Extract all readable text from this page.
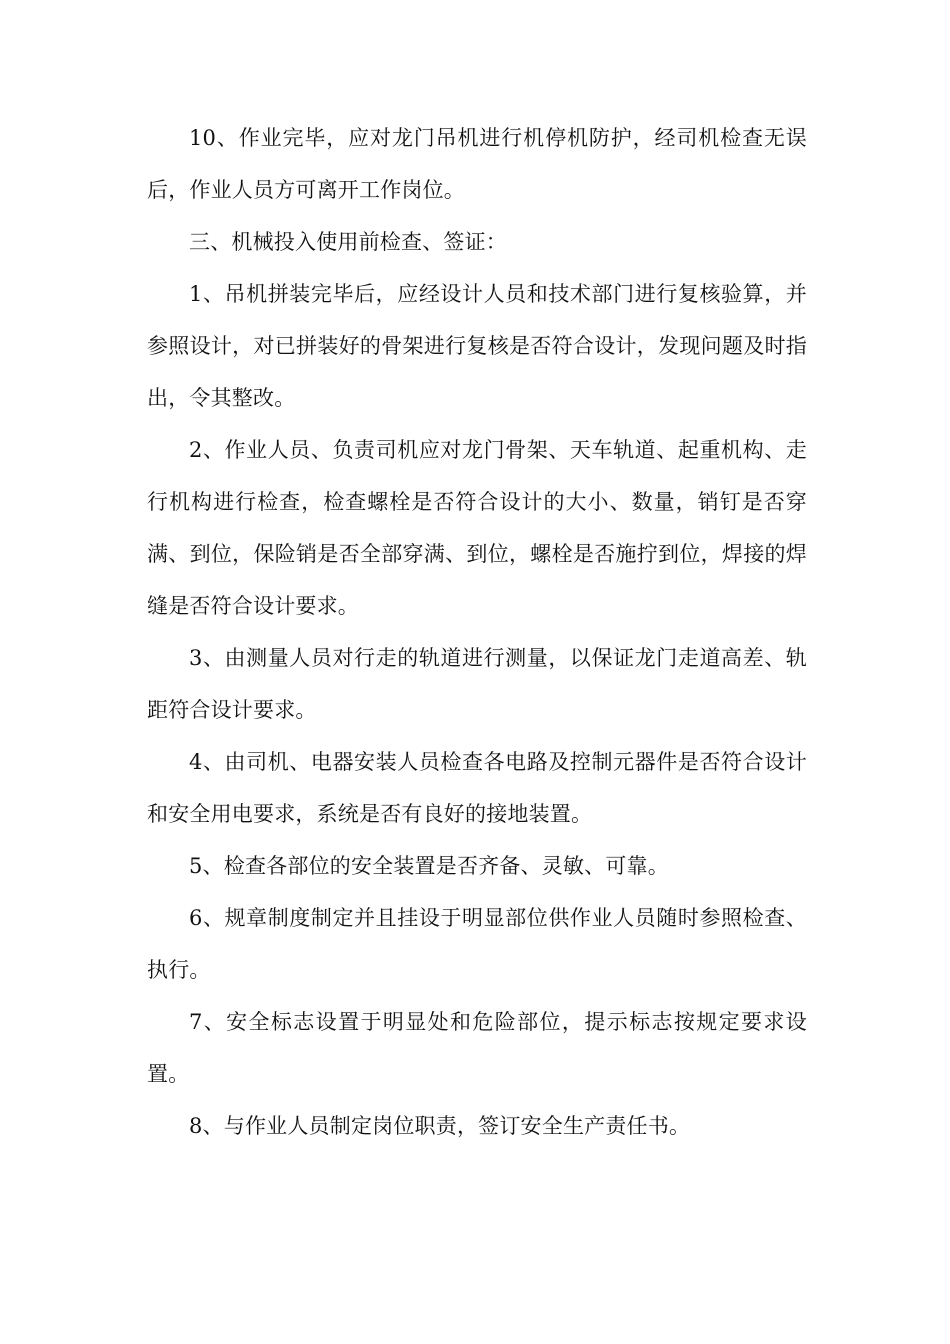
10、作业完毕，应对龙门吊机进行机停机防护，经司机检查无误后，作业人员方可离开工作岗位。

三、机械投入使用前检查、签证：

1、吊机拼装完毕后，应经设计人员和技术部门进行复核验算，并参照设计，对已拼装好的骨架进行复核是否符合设计，发现问题及时指出，令其整改。

2、作业人员、负责司机应对龙门骨架、天车轨道、起重机构、走行机构进行检查，检查螺栓是否符合设计的大小、数量，销钉是否穿满、到位，保险销是否全部穿满、到位，螺栓是否施拧到位，焊接的焊缝是否符合设计要求。

3、由测量人员对行走的轨道进行测量，以保证龙门走道高差、轨距符合设计要求。

4、由司机、电器安装人员检查各电路及控制元器件是否符合设计和安全用电要求，系统是否有良好的接地装置。

5、检查各部位的安全装置是否齐备、灵敏、可靠。

6、规章制度制定并且挂设于明显部位供作业人员随时参照检查、执行。

7、安全标志设置于明显处和危险部位，提示标志按规定要求设置。

8、与作业人员制定岗位职责，签订安全生产责任书。
